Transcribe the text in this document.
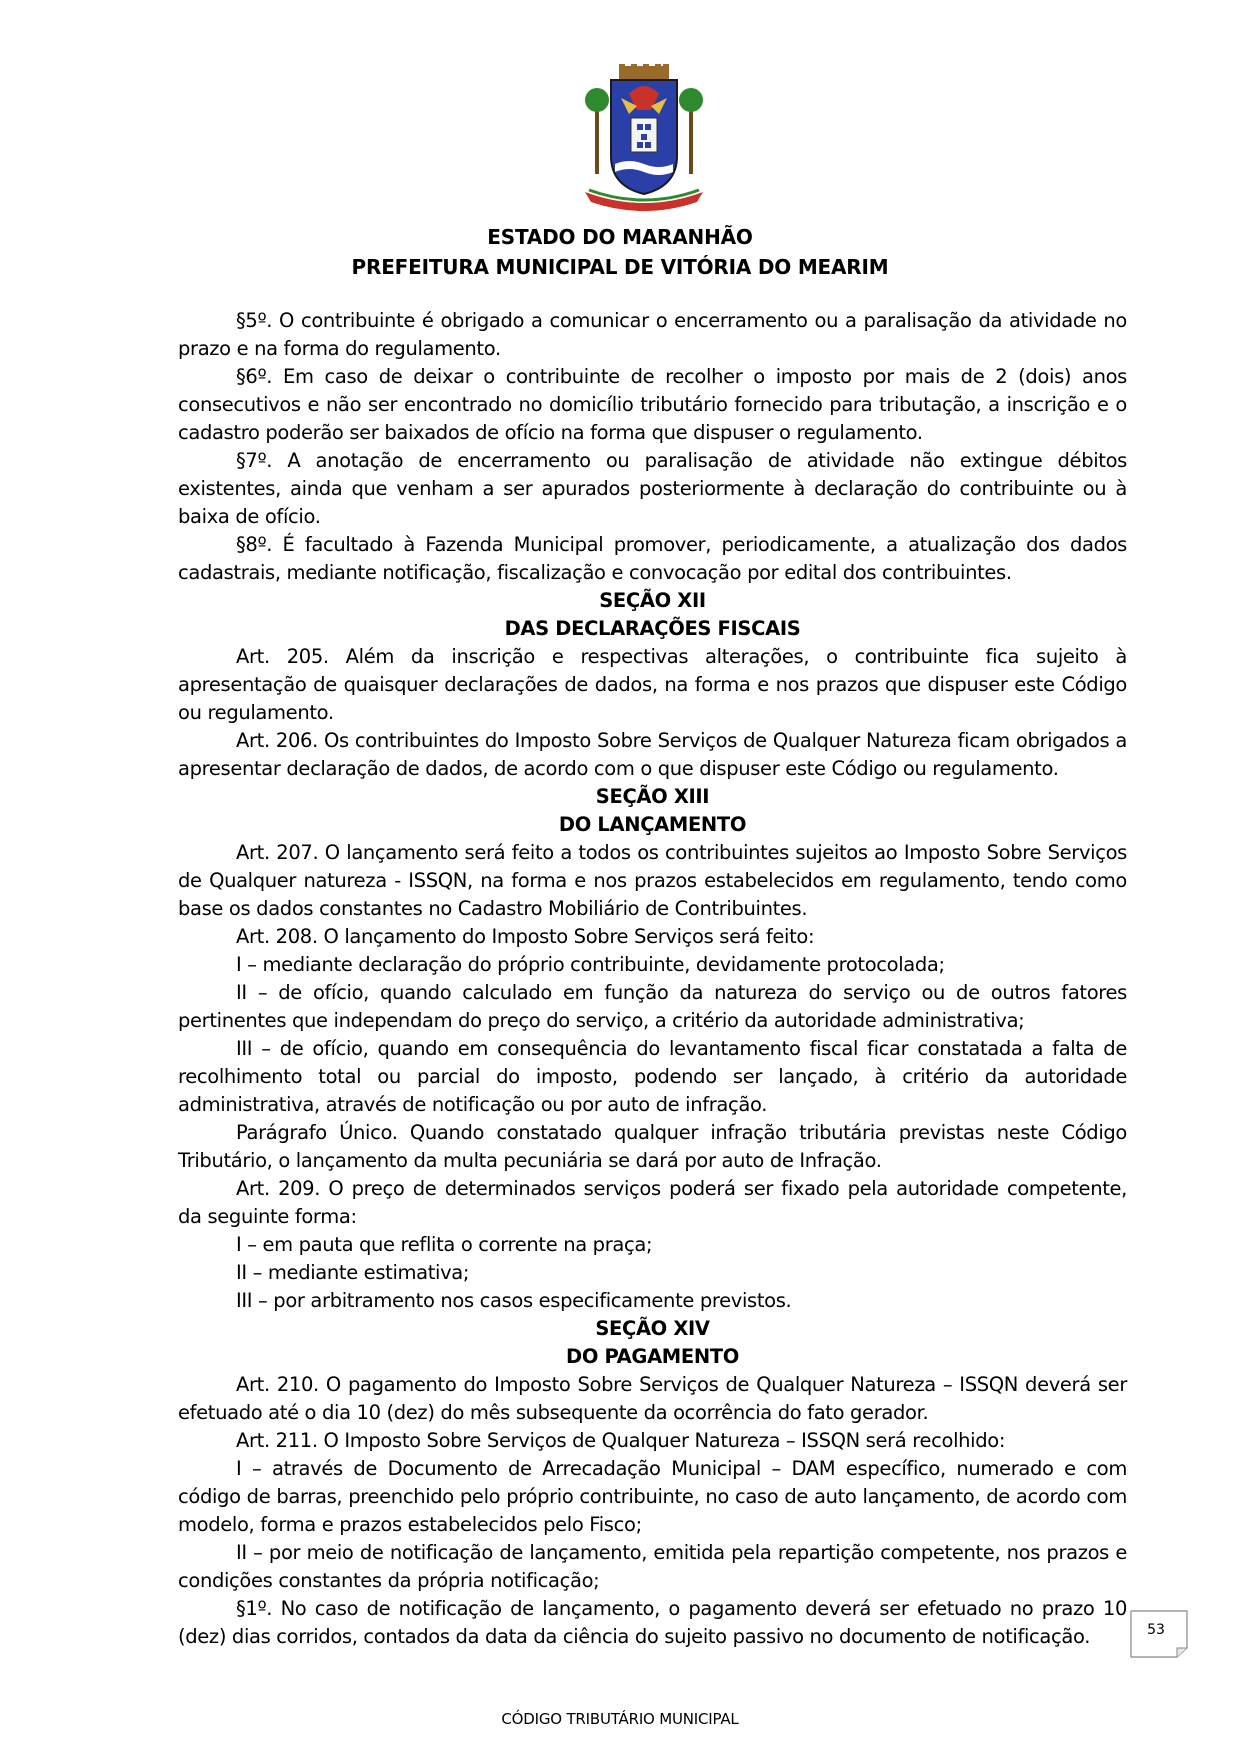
ESTADO DO MARANHÃO
PREFEITURA MUNICIPAL DE VITÓRIA DO MEARIM

§5º. O contribuinte é obrigado a comunicar o encerramento ou a paralisação da atividade no prazo e na forma do regulamento.

§6º. Em caso de deixar o contribuinte de recolher o imposto por mais de 2 (dois) anos consecutivos e não ser encontrado no domicílio tributário fornecido para tributação, a inscrição e o cadastro poderão ser baixados de ofício na forma que dispuser o regulamento.

§7º. A anotação de encerramento ou paralisação de atividade não extingue débitos existentes, ainda que venham a ser apurados posteriormente à declaração do contribuinte ou à baixa de ofício.

§8º. É facultado à Fazenda Municipal promover, periodicamente, a atualização dos dados cadastrais, mediante notificação, fiscalização e convocação por edital dos contribuintes.

SEÇÃO XII

DAS DECLARAÇÕES FISCAIS

Art. 205. Além da inscrição e respectivas alterações, o contribuinte fica sujeito à apresentação de quaisquer declarações de dados, na forma e nos prazos que dispuser este Código ou regulamento.

Art. 206. Os contribuintes do Imposto Sobre Serviços de Qualquer Natureza ficam obrigados a apresentar declaração de dados, de acordo com o que dispuser este Código ou regulamento.

SEÇÃO XIII

DO LANÇAMENTO

Art. 207. O lançamento será feito a todos os contribuintes sujeitos ao Imposto Sobre Serviços de Qualquer natureza - ISSQN, na forma e nos prazos estabelecidos em regulamento, tendo como base os dados constantes no Cadastro Mobiliário de Contribuintes.

Art. 208. O lançamento do Imposto Sobre Serviços será feito:

I – mediante declaração do próprio contribuinte, devidamente protocolada;

II – de ofício, quando calculado em função da natureza do serviço ou de outros fatores pertinentes que independam do preço do serviço, a critério da autoridade administrativa;

III – de ofício, quando em consequência do levantamento fiscal ficar constatada a falta de recolhimento total ou parcial do imposto, podendo ser lançado, à critério da autoridade administrativa, através de notificação ou por auto de infração.

Parágrafo Único. Quando constatado qualquer infração tributária previstas neste Código Tributário, o lançamento da multa pecuniária se dará por auto de Infração.

Art. 209. O preço de determinados serviços poderá ser fixado pela autoridade competente, da seguinte forma:

I – em pauta que reflita o corrente na praça;

II – mediante estimativa;

III – por arbitramento nos casos especificamente previstos.

SEÇÃO XIV

DO PAGAMENTO

Art. 210. O pagamento do Imposto Sobre Serviços de Qualquer Natureza – ISSQN deverá ser efetuado até o dia 10 (dez) do mês subsequente da ocorrência do fato gerador.

Art. 211. O Imposto Sobre Serviços de Qualquer Natureza – ISSQN será recolhido:

I – através de Documento de Arrecadação Municipal – DAM específico, numerado e com código de barras, preenchido pelo próprio contribuinte, no caso de auto lançamento, de acordo com modelo, forma e prazos estabelecidos pelo Fisco;

II – por meio de notificação de lançamento, emitida pela repartição competente, nos prazos e condições constantes da própria notificação;

§1º. No caso de notificação de lançamento, o pagamento deverá ser efetuado no prazo 10 (dez) dias corridos, contados da data da ciência do sujeito passivo no documento de notificação.	53
CÓDIGO TRIBUTÁRIO MUNICIPAL
